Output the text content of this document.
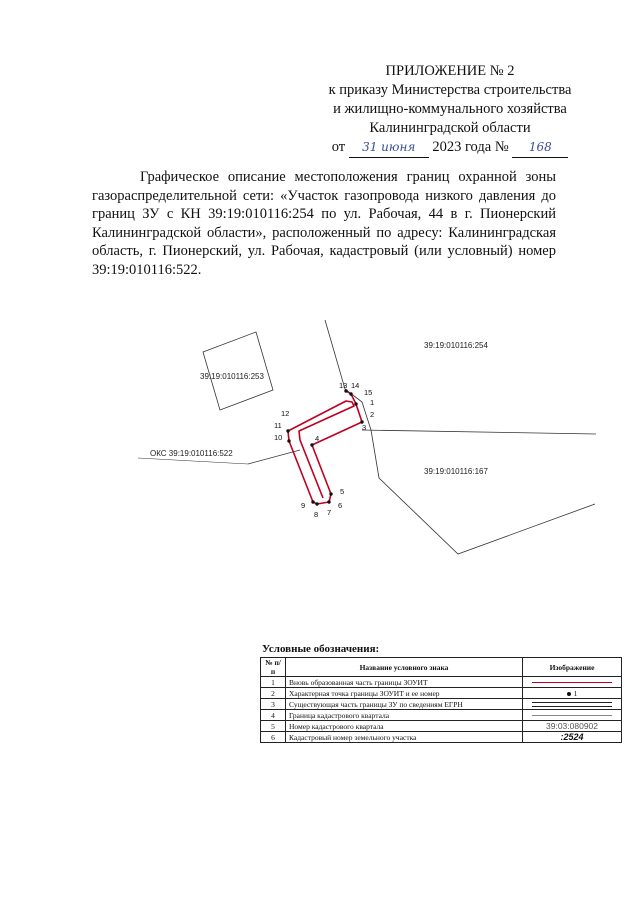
ПРИЛОЖЕНИЕ № 2
к приказу Министерства строительства
и жилищно-коммунального хозяйства
Калининградской области
от 31 июня 2023 года № 168

Графическое описание местоположения границ охранной зоны газораспределительной сети: «Участок газопровода низкого давления до границ ЗУ с КН 39:19:010116:254 по ул. Рабочая, 44 в г. Пионерский Калининградской области», расположенный по адресу: Калининградская область, г. Пионерский, ул. Рабочая, кадастровый (или условный) номер 39:19:010116:522.

39:19:010116:254
39:19:010116:253
39:19:010116:167
ОКС 39:19:010116:522
1
2
3
4
5
6
7
8
9
10
11
12
13 14
15
Условные обозначения:
№ п/п	Название условного знака	Изображение
1	Вновь образованная часть границы ЗОУИТ	
2	Характерная точка границы ЗОУИТ и ее номер	1
3	Существующая часть границы ЗУ по сведениям ЕГРН	
4	Граница кадастрового квартала	
5	Номер кадастрового квартала	39:03:080902
6	Кадастровый номер земельного участка	:2524
